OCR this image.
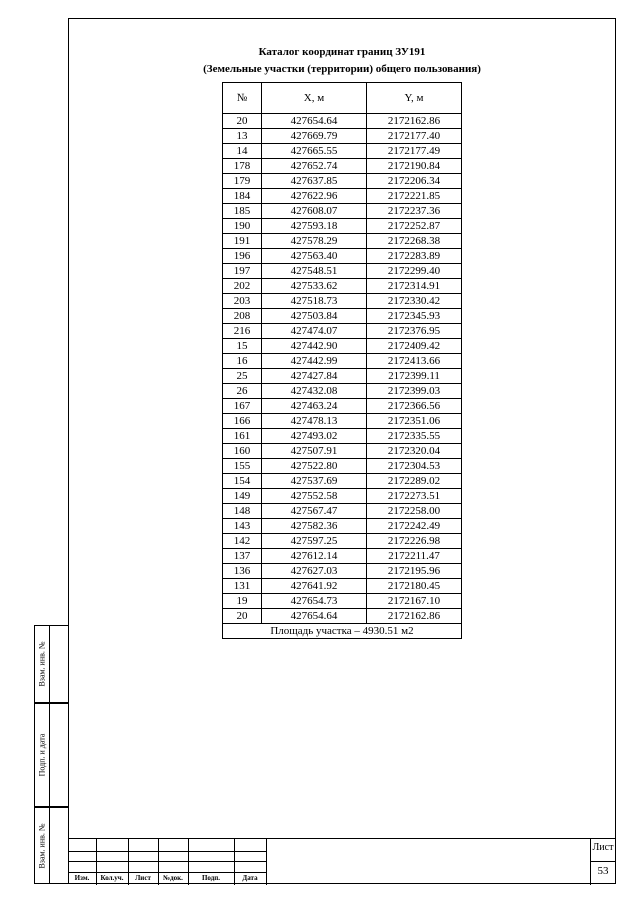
Взам. инв. №
Подп. и дата
Взам. инв. №
Каталог координат границ ЗУ191
(Земельные участки (территории) общего пользования)
№	X, м	Y, м
20	427654.64	2172162.86
13	427669.79	2172177.40
14	427665.55	2172177.49
178	427652.74	2172190.84
179	427637.85	2172206.34
184	427622.96	2172221.85
185	427608.07	2172237.36
190	427593.18	2172252.87
191	427578.29	2172268.38
196	427563.40	2172283.89
197	427548.51	2172299.40
202	427533.62	2172314.91
203	427518.73	2172330.42
208	427503.84	2172345.93
216	427474.07	2172376.95
15	427442.90	2172409.42
16	427442.99	2172413.66
25	427427.84	2172399.11
26	427432.08	2172399.03
167	427463.24	2172366.56
166	427478.13	2172351.06
161	427493.02	2172335.55
160	427507.91	2172320.04
155	427522.80	2172304.53
154	427537.69	2172289.02
149	427552.58	2172273.51
148	427567.47	2172258.00
143	427582.36	2172242.49
142	427597.25	2172226.98
137	427612.14	2172211.47
136	427627.03	2172195.96
131	427641.92	2172180.45
19	427654.73	2172167.10
20	427654.64	2172162.86
Площадь участка – 4930.51 м2		
Изм.	Кол.уч.	Лист	№док.	Подп.	Дата
Лист
53
